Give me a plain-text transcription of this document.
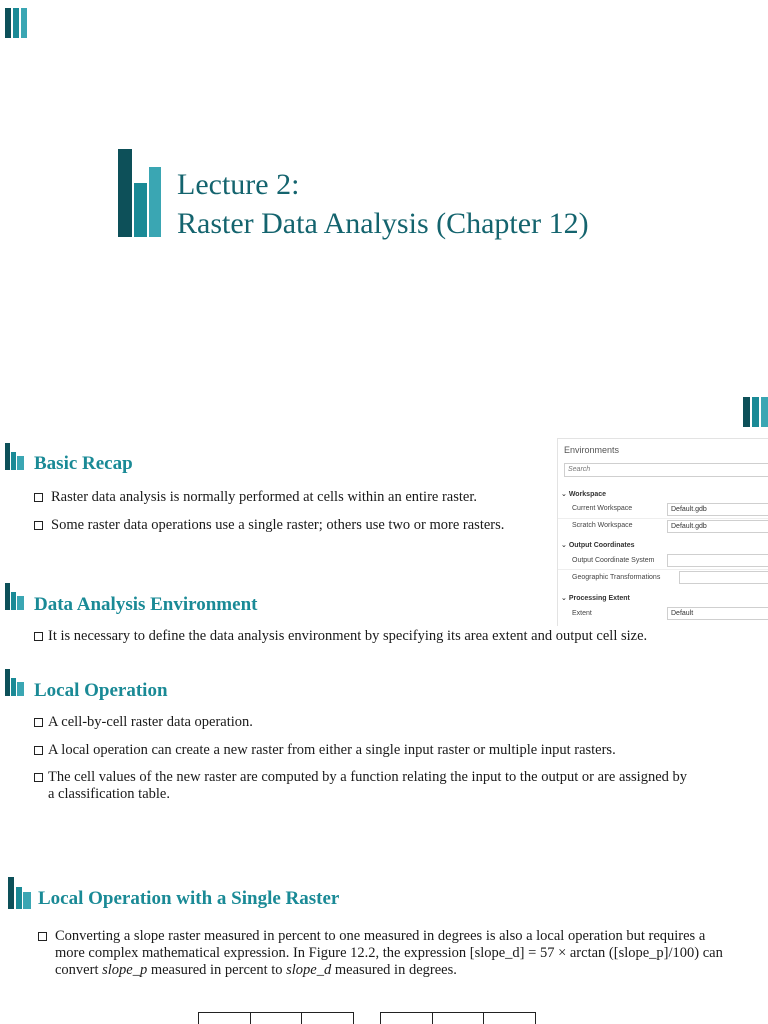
Lecture 2:
Raster Data Analysis (Chapter 12)
Basic Recap
Raster data analysis is normally performed at cells within an entire raster.
Some raster data operations use a single raster; others use two or more rasters.
Environments
Search
⌄ Workspace
Current Workspace	Default.gdb
Scratch Workspace	Default.gdb
⌄ Output Coordinates
Output Coordinate System
Geographic Transformations
⌄ Processing Extent
Extent	Default
Data Analysis Environment
It is necessary to define the data analysis environment by specifying its area extent and output cell size.
Local Operation
A cell-by-cell raster data operation.
A local operation can create a new raster from either a single input raster or multiple input rasters.
The cell values of the new raster are computed by a function relating the input to the output or are assigned by a classification table.
Local Operation with a Single Raster
Converting a slope raster measured in percent to one measured in degrees is also a local operation but requires a more complex mathematical expression. In Figure 12.2, the expression [slope_d] = 57 × arctan ([slope_p]/100) can convert slope_p measured in percent to slope_d measured in degrees.
